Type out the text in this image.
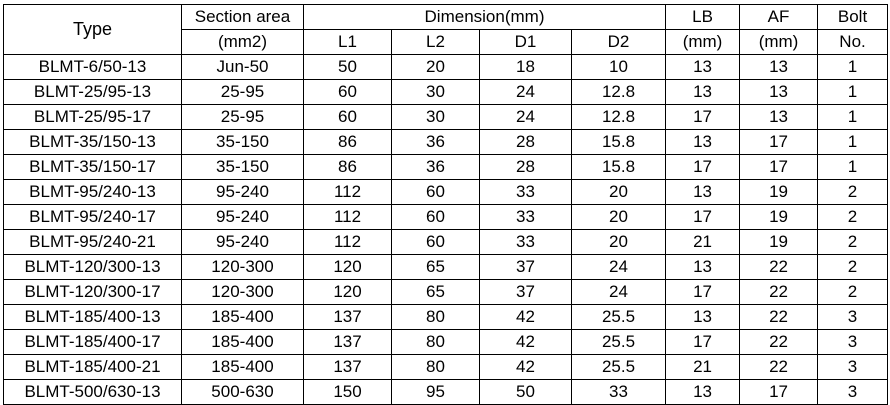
Type	Section area	Dimension(mm)				LB	AF	Bolt
	(mm2)	L1	L2	D1	D2	(mm)	(mm)	No.
BLMT-6/50-13	Jun-50	50	20	18	10	13	13	1
BLMT-25/95-13	25-95	60	30	24	12.8	13	13	1
BLMT-25/95-17	25-95	60	30	24	12.8	17	13	1
BLMT-35/150-13	35-150	86	36	28	15.8	13	17	1
BLMT-35/150-17	35-150	86	36	28	15.8	17	17	1
BLMT-95/240-13	95-240	112	60	33	20	13	19	2
BLMT-95/240-17	95-240	112	60	33	20	17	19	2
BLMT-95/240-21	95-240	112	60	33	20	21	19	2
BLMT-120/300-13	120-300	120	65	37	24	13	22	2
BLMT-120/300-17	120-300	120	65	37	24	17	22	2
BLMT-185/400-13	185-400	137	80	42	25.5	13	22	3
BLMT-185/400-17	185-400	137	80	42	25.5	17	22	3
BLMT-185/400-21	185-400	137	80	42	25.5	21	22	3
BLMT-500/630-13	500-630	150	95	50	33	13	17	3
